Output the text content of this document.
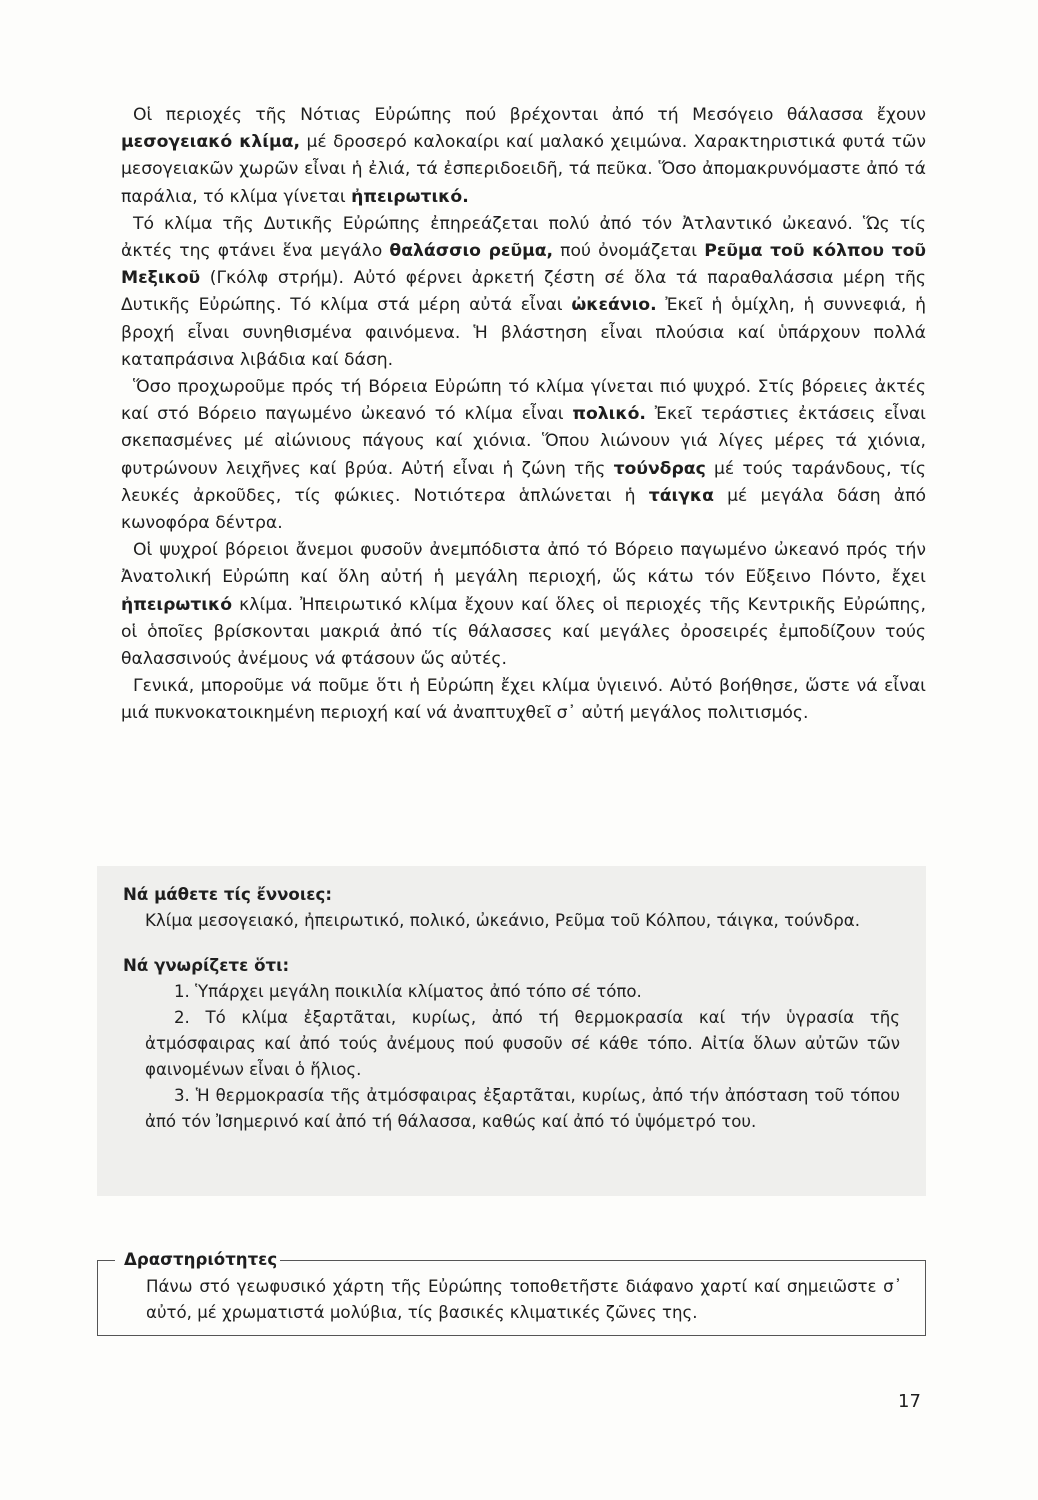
Οἱ περιοχές τῆς Νότιας Εὐρώπης πού βρέχονται ἀπό τή Μεσόγειο θάλασσα ἔχουν μεσογειακό κλίμα, μέ δροσερό καλοκαίρι καί μαλακό χειμώνα. Χαρακτηριστικά φυτά τῶν μεσογειακῶν χωρῶν εἶναι ἡ ἐλιά, τά ἐσπεριδοειδῆ, τά πεῦκα. Ὅσο ἀπομακρυνόμαστε ἀπό τά παράλια, τό κλίμα γίνεται ἠπειρωτικό.

Τό κλίμα τῆς Δυτικῆς Εὐρώπης ἐπηρεάζεται πολύ ἀπό τόν Ἀτλαντικό ὠκεανό. Ὥς τίς ἀκτές της φτάνει ἕνα μεγάλο θαλάσσιο ρεῦμα, πού ὀνομάζεται Ρεῦμα τοῦ κόλπου τοῦ Μεξικοῦ (Γκόλφ στρήμ). Αὐτό φέρνει ἀρκετή ζέστη σέ ὅλα τά παραθαλάσσια μέρη τῆς Δυτικῆς Εὐρώπης. Τό κλίμα στά μέρη αὐτά εἶναι ὠκεάνιο. Ἐκεῖ ἡ ὁμίχλη, ἡ συννεφιά, ἡ βροχή εἶναι συνηθισμένα φαινόμενα. Ἡ βλάστηση εἶναι πλούσια καί ὑπάρχουν πολλά καταπράσινα λιβάδια καί δάση.

Ὅσο προχωροῦμε πρός τή Βόρεια Εὐρώπη τό κλίμα γίνεται πιό ψυχρό. Στίς βόρειες ἀκτές καί στό Βόρειο παγωμένο ὠκεανό τό κλίμα εἶναι πολικό. Ἐκεῖ τεράστιες ἐκτάσεις εἶναι σκεπασμένες μέ αἰώνιους πάγους καί χιόνια. Ὅπου λιώνουν γιά λίγες μέρες τά χιόνια, φυτρώνουν λειχῆνες καί βρύα. Αὐτή εἶναι ἡ ζώνη τῆς τούνδρας μέ τούς ταράνδους, τίς λευκές ἀρκοῦδες, τίς φώκιες. Νοτιότερα ἁπλώνεται ἡ τάιγκα μέ μεγάλα δάση ἀπό κωνοφόρα δέντρα.

Οἱ ψυχροί βόρειοι ἄνεμοι φυσοῦν ἀνεμπόδιστα ἀπό τό Βόρειο παγωμένο ὠκεανό πρός τήν Ἀνατολική Εὐρώπη καί ὅλη αὐτή ἡ μεγάλη περιοχή, ὥς κάτω τόν Εὔξεινο Πόντο, ἔχει ἠπειρωτικό κλίμα. Ἠπειρωτικό κλίμα ἔχουν καί ὅλες οἱ περιοχές τῆς Κεντρικῆς Εὐρώπης, οἱ ὁποῖες βρίσκονται μακριά ἀπό τίς θάλασσες καί μεγάλες ὀροσειρές ἐμποδίζουν τούς θαλασσινούς ἀνέμους νά φτάσουν ὥς αὐτές.

Γενικά, μποροῦμε νά ποῦμε ὅτι ἡ Εὐρώπη ἔχει κλίμα ὑγιεινό. Αὐτό βοήθησε, ὥστε νά εἶναι μιά πυκνοκατοικημένη περιοχή καί νά ἀναπτυχθεῖ σ᾽ αὐτή μεγάλος πολιτισμός.

Νά μάθετε τίς ἔννοιες:

Κλίμα μεσογειακό, ἠπειρωτικό, πολικό, ὠκεάνιο, Ρεῦμα τοῦ Κόλπου, τάιγκα, τούνδρα.

Νά γνωρίζετε ὅτι:

1. Ὑπάρχει μεγάλη ποικιλία κλίματος ἀπό τόπο σέ τόπο.
2. Τό κλίμα ἐξαρτᾶται, κυρίως, ἀπό τή θερμοκρασία καί τήν ὑγρασία τῆς ἀτμόσφαιρας καί ἀπό τούς ἀνέμους πού φυσοῦν σέ κάθε τόπο. Αἰτία ὅλων αὐτῶν τῶν φαινομένων εἶναι ὁ ἥλιος.
3. Ἡ θερμοκρασία τῆς ἀτμόσφαιρας ἐξαρτᾶται, κυρίως, ἀπό τήν ἀπόσταση τοῦ τόπου ἀπό τόν Ἰσημερινό καί ἀπό τή θάλασσα, καθώς καί ἀπό τό ὑψόμετρό του.
Δραστηριότητες
Πάνω στό γεωφυσικό χάρτη τῆς Εὐρώπης τοποθετῆστε διάφανο χαρτί καί σημειῶστε σ᾽ αὐτό, μέ χρωματιστά μολύβια, τίς βασικές κλιματικές ζῶνες της.
17
